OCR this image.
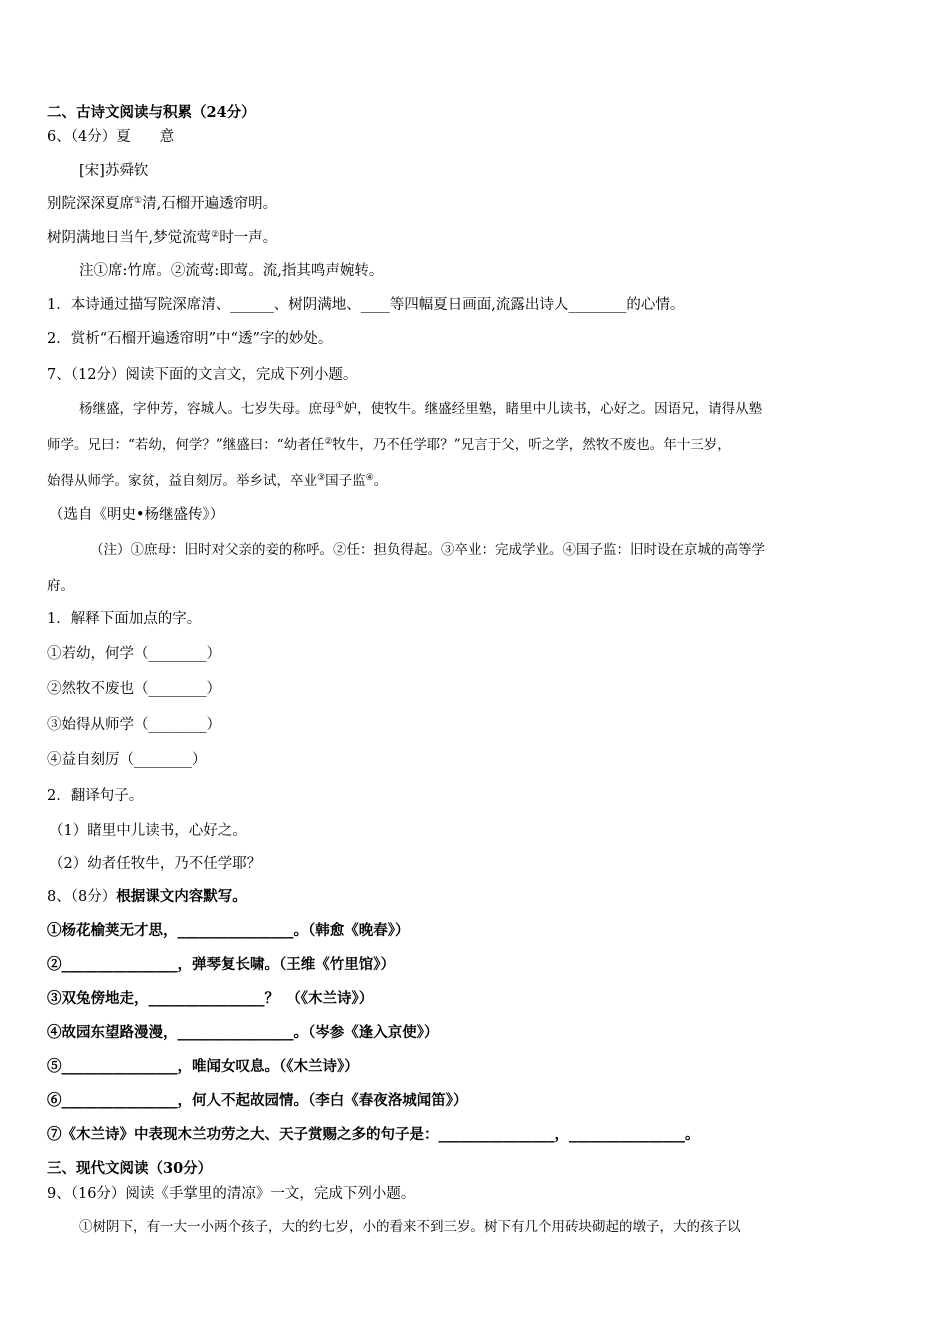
二、古诗文阅读与积累（24分）
6、（4分）夏　　意
[宋]苏舜钦
别院深深夏席①清,石榴开遍透帘明。
树阴满地日当午,梦觉流莺②时一声。
注①席:竹席。②流莺:即莺。流,指其鸣声婉转。
1．本诗通过描写院深席清、______、树阴满地、____等四幅夏日画面,流露出诗人________的心情。
2．赏析“石榴开遍透帘明”中“透”字的妙处。
7、（12分）阅读下面的文言文，完成下列小题。
杨继盛，字仲芳，容城人。七岁失母。庶母①妒，使牧牛。继盛经里塾，睹里中儿读书，心好之。因语兄，请得从塾
师学。兄曰：“若幼，何学？”继盛曰：“幼者任②牧牛，乃不任学耶？”兄言于父，听之学，然牧不废也。年十三岁，
始得从师学。家贫，益自刻厉。举乡试，卒业③国子监④。
（选自《明史•杨继盛传》）
（注）①庶母：旧时对父亲的妾的称呼。②任：担负得起。③卒业：完成学业。④国子监：旧时设在京城的高等学
府。
1．解释下面加点的字。
①若幼，何学（________）
②然牧不废也（________）
③始得从师学（________）
④益自刻厉（________）
2．翻译句子。
（1）睹里中儿读书，心好之。
（2）幼者任牧牛，乃不任学耶？
8、（8分）根据课文内容默写。
①杨花榆荚无才思，________________。（韩愈《晚春》）
②________________，弹琴复长啸。（王维《竹里馆》）
③双兔傍地走，________________？　（《木兰诗》）
④故园东望路漫漫，________________。（岑参《逢入京使》）
⑤________________，唯闻女叹息。（《木兰诗》）
⑥________________，何人不起故园情。（李白《春夜洛城闻笛》）
⑦《木兰诗》中表现木兰功劳之大、天子赏赐之多的句子是：________________，________________。
三、现代文阅读（30分）
9、（16分）阅读《手掌里的清凉》一文，完成下列小题。
①树阴下，有一大一小两个孩子，大的约七岁，小的看来不到三岁。树下有几个用砖块砌起的墩子，大的孩子以
